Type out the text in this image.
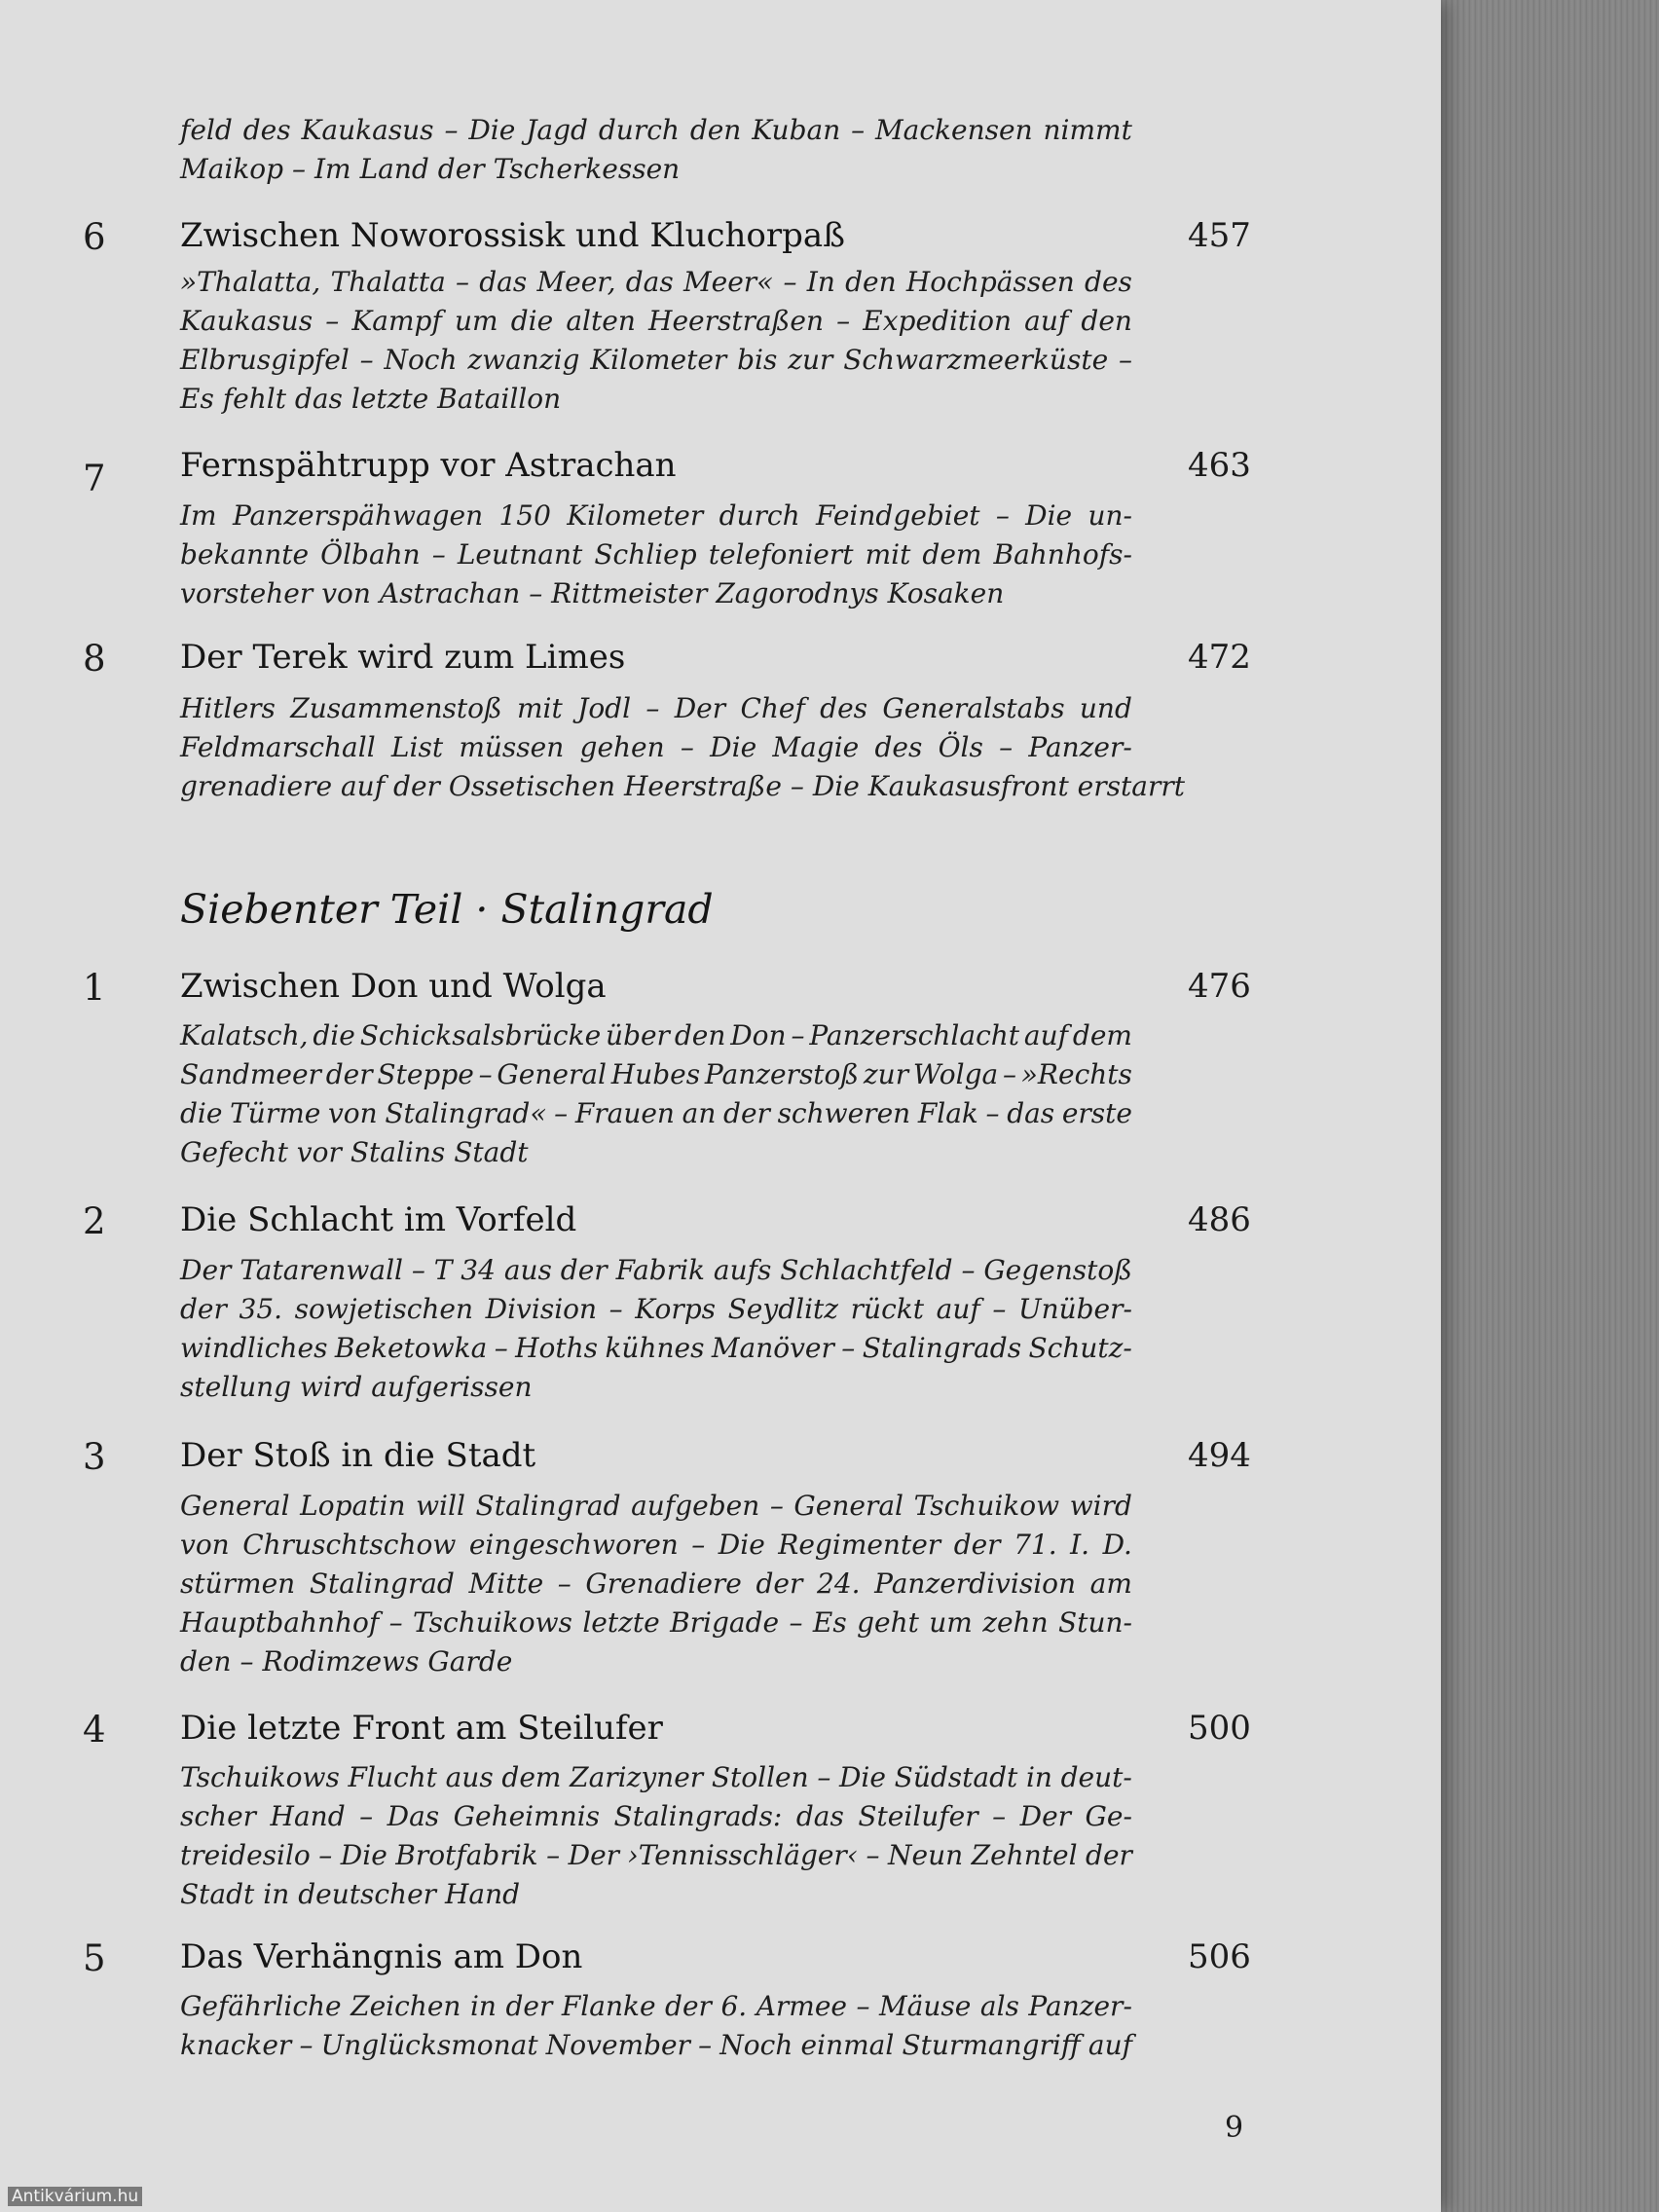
feld des Kaukasus – Die Jagd durch den Kuban – Mackensen nimmt
Maikop – Im Land der Tscherkessen
6 Zwischen Noworossisk und Kluchorpaß	457
»Thalatta, Thalatta – das Meer, das Meer« – In den Hochpässen des
Kaukasus – Kampf um die alten Heerstraßen – Expedition auf den
Elbrusgipfel – Noch zwanzig Kilometer bis zur Schwarzmeerküste –
Es fehlt das letzte Bataillon
7 Fernspähtrupp vor Astrachan	463
Im Panzerspähwagen 150 Kilometer durch Feindgebiet – Die un-
bekannte Ölbahn – Leutnant Schliep telefoniert mit dem Bahnhofs-
vorsteher von Astrachan – Rittmeister Zagorodnys Kosaken
8 Der Terek wird zum Limes	472
Hitlers Zusammenstoß mit Jodl – Der Chef des Generalstabs und
Feldmarschall List müssen gehen – Die Magie des Öls – Panzer-
grenadiere auf der Ossetischen Heerstraße – Die Kaukasusfront erstarrt
Siebenter Teil · Stalingrad
1 Zwischen Don und Wolga	476
Kalatsch, die Schicksalsbrücke über den Don – Panzerschlacht auf dem
Sandmeer der Steppe – General Hubes Panzerstoß zur Wolga – »Rechts
die Türme von Stalingrad« – Frauen an der schweren Flak – das erste
Gefecht vor Stalins Stadt
2 Die Schlacht im Vorfeld	486
Der Tatarenwall – T 34 aus der Fabrik aufs Schlachtfeld – Gegenstoß
der 35. sowjetischen Division – Korps Seydlitz rückt auf – Unüber-
windliches Beketowka – Hoths kühnes Manöver – Stalingrads Schutz-
stellung wird aufgerissen
3 Der Stoß in die Stadt	494
General Lopatin will Stalingrad aufgeben – General Tschuikow wird
von Chruschtschow eingeschworen – Die Regimenter der 71. I. D.
stürmen Stalingrad Mitte – Grenadiere der 24. Panzerdivision am
Hauptbahnhof – Tschuikows letzte Brigade – Es geht um zehn Stun-
den – Rodimzews Garde
4 Die letzte Front am Steilufer	500
Tschuikows Flucht aus dem Zarizyner Stollen – Die Südstadt in deut-
scher Hand – Das Geheimnis Stalingrads: das Steilufer – Der Ge-
treidesilo – Die Brotfabrik – Der ›Tennisschläger‹ – Neun Zehntel der
Stadt in deutscher Hand
5 Das Verhängnis am Don	506
Gefährliche Zeichen in der Flanke der 6. Armee – Mäuse als Panzer-
knacker – Unglücksmonat November – Noch einmal Sturmangriff auf
9
Antikvárium.hu
